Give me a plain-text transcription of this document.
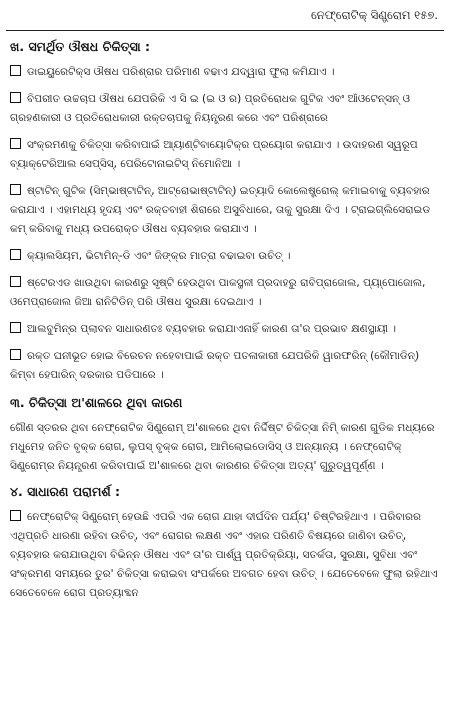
ନେଫ୍ରୋଟିକ୍ ସିଣ୍ଡ୍ରୋମ ୧୫୭.
ଖ. ସମର୍ଥିତ ଔଷଧ ଚିକିତ୍ସା :
ଡାଇୟୁରେଟିକ୍ସ ଔଷଧ ପରିଶ୍ରାର ପରିମାଣ ବଢାଏ ଯଦ୍ୱାରା ଫୁଲା କମିଯାଏ ।
ବିପରୀତ ଉଚ୍ଚଚାପ ଔଷଧ ଯେପରିକି ଏ ସି ଇ (ଇ ଓ ର) ପ୍ରତିରୋଧକ ଗୁଟିକ ଏବଂ ଆଁଓଟେନ୍‌ସନ୍ ଓ ଗ୍ରହଣକାରୀ ଓ ପ୍ରତିରୋଧକାରୀ ରକ୍ତଚାପକୁ ନିୟନ୍ତ୍ରଣ କରେ ଏବଂ ପରିଶ୍ରାରେ
ସଂକ୍ରମଣକୁ ଚିକିତ୍ସା କରିବାପାଇଁ ଆ୍ୟାଣ୍ଟିବାୟୋଟିକ୍‌ର ପ୍ରୟୋଗ କରାଯାଏ । ଉଦାହରଣ ସ୍ୱରୂପ ବ୍ୟାକ୍ଟେରିଆଲ ସେପ୍‌ସିସ୍, ପେରିଟୋନାଇଟିସ୍ ନିମୋନିଆ ।
ଷ୍ଟାଟିନ୍ ଗୁଟିକ (ସିମ୍‌ଭାଷ୍ଟାଟିନ୍, ଆଟ୍ରୋଭାଷ୍ଟାଟିନ୍) ଇତ୍ୟାଦି କୋଲେଷ୍ଟ୍ରୋଲ୍ କମାଇବାକୁ ବ୍ୟବହାର କରାଯାଏ । ଏହାମଧ୍ୟ ହୃଦୟ ଏବଂ ରକ୍ତବାହୀ ଶିରାରେ ଅସୁବିଧାରେ, ତାକୁ ସୁରକ୍ଷା ଦିଏ । ଟ୍ରାଇଗ୍ଲିସେରାଇଡ କମ୍ କରିବାକୁ ମଧ୍ୟ ଉପରୋକ୍ତ ଔଷଧ ବ୍ୟବହାର କରାଯାଏ ।
କ୍ୟାଲସିୟମ, ଭିଟାମିନ୍-ଡି ଏବଂ ଜିଙ୍କ୍‌ର ମାତ୍ରା ବଢାଇବା ଉଚିତ୍ ।
ଷ୍ଟେରଏଡ ଖାଉଥିବା କାରଣରୁ ସୃଷ୍ଟି ହେଉଥିବା ପାକସ୍ଥଳୀ ପ୍ରଦାହରୁ ରାବିପ୍ରାଜୋଲ, ପ୍ୟା୍ପୋଜୋଲ, ଓମେପ୍ରାଜୋଲ ଜିଆ ରାନିଟିଡିନ୍ ପରି ଔଷଧ ସୁରକ୍ଷା ଦେଇଥାଏ ।
ଆଲବୁମିନ୍‌ର ପ୍ଲାବନ ସାଧାରଣତଃ ବ୍ୟବହାର କରାଯାଏନାହିଁ କାରଣ ତା'ର ପ୍ରଭାବ କ୍ଷଣସ୍ଥାୟୀ ।
ରକ୍ତ ଘନୀଭୂତ ହୋଇ ବିରେଚନ ନହେବାପାଇଁ ରକ୍ତ ପତଳାକାରୀ ଯେପରିକି ୱାରଫରିନ୍ (କୌମାଡିନ୍) କିମ୍ବା ହେପାରିନ୍ ଦରକାର ପଡିପାରେ ।
୩. ଚିକିତ୍ସା ଅ'ଶାଳରେ ଥିବା କାରଣ
ଗୌଣ ସ୍ତରର ଥିବା ନେଫ୍ରୋଟିକ ସିଣ୍ଡ୍ରୋମ୍ ଅ'ଶାଳରେ ଥିବା ନିର୍ଦ୍ଦିଷ୍ଟ ଚିକିତ୍ସା ନିମି୍ କାରଣ ଗୁଡିକ ମଧ୍ୟରେ ମଧୁମେହ ଜନିତ ବୃକ୍କ ରୋଗ, ଲୁପସ୍ ବୃକ୍କ ରୋଗ, ଆମିଲୋଇଡୋସିସ୍ ଓ ଅନ୍ୟାନ୍ୟ । ନେଫ୍ରୋଟିକ୍ ସିଣ୍ଡ୍ରୋମ୍‌ର ନିୟନ୍ତ୍ରଣ କରିବାପାଇଁ ଅ'ଶାଳରେ ଥିବା କାରଣର ଚିକିତ୍ସା ଅତ୍ୟ' ଗୁରୁତ୍ୱପୂର୍ଣ୍ଣ ।
୪. ସାଧାରଣ ପରାମର୍ଶ :
ନେଫ୍ରୋଟିକ୍ ସିଣ୍ଡ୍ରୋମ୍ ହେଉଛି ଏପରି ଏକ ରୋଗ ଯାହା ଦୀର୍ଘଦିନ ପର୍ଯ୍ୟ' ଚିଷ୍ଟିରହିଥାଏ । ପରିବାରର ଏଥିପ୍ରତି ଧାରଣା ରହିବା ଉଚିତ୍, ଏବଂ ରୋଗର ଲକ୍ଷଣ ଏବଂ ଏହାର ପରିଣତି ବିଷୟରେ ଜାଣିବା ଉଚିତ୍, ବ୍ୟବହାର କରାଯାଉଥିବା ବିଭିନ୍ନ ଔଷଧ ଏବଂ ତା'ର ପାର୍ଶ୍ୱ ପ୍ରତିକ୍ରିୟା, ସତର୍କତା, ସୁରକ୍ଷା, ସୁବିଧା ଏବଂ ସଂକ୍ରମଣ ସମୟରେ ତୁର' ଚିକିତ୍ସା କରାଇବା ସଂପର୍କରେ ଅବଗତ ହେବା ଉଚିତ୍ । ଯେତେବେଳେ ଫୁଲା ରହିଥାଏ ସେତେବେଳେ ରୋଗ ପ୍ରତ୍ୟାବ୍ଦନ
